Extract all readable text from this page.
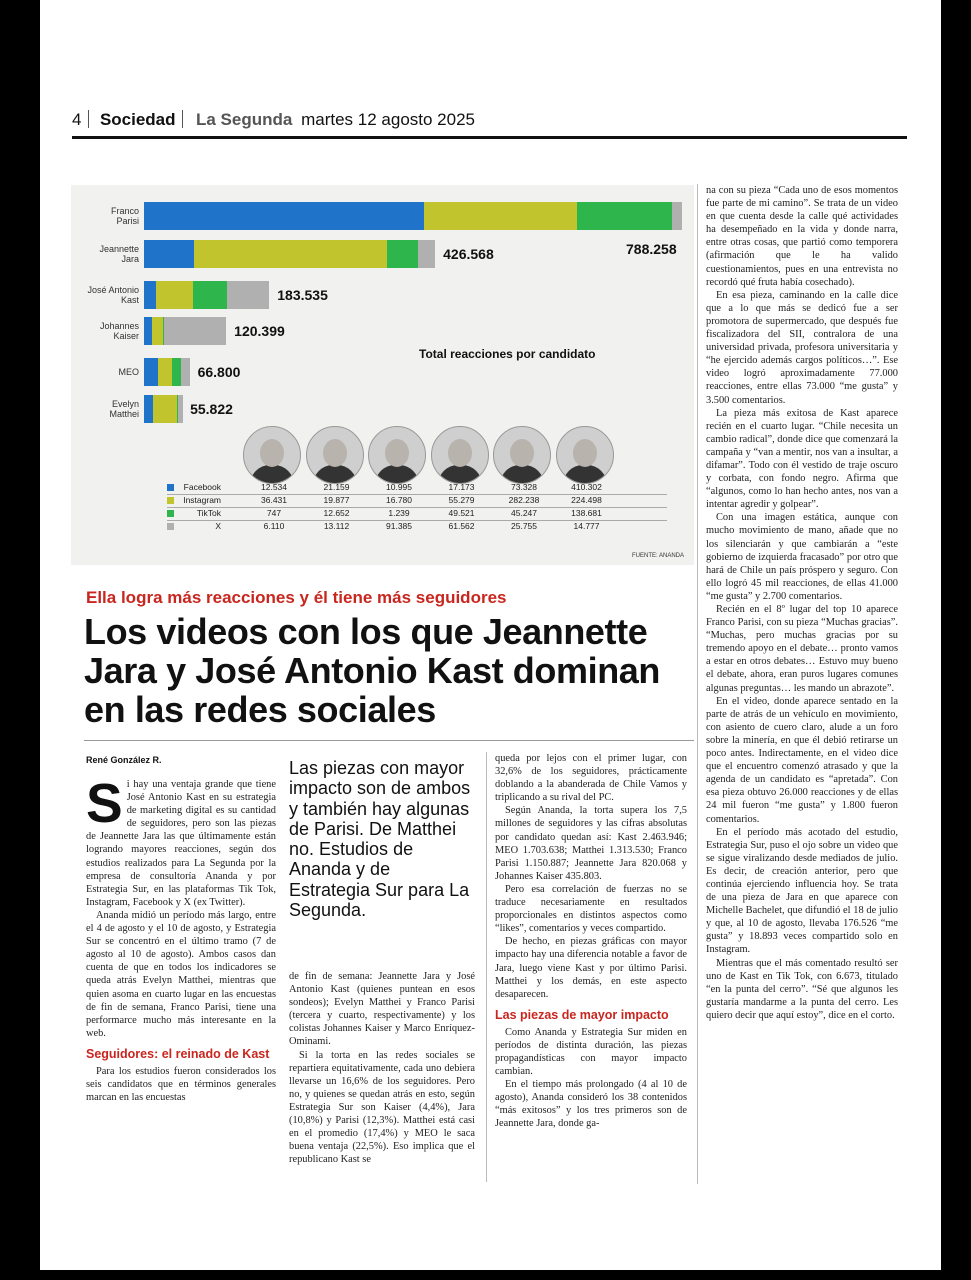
4 Sociedad La Segunda martes 12 agosto 2025
Franco
Parisi
788.258
Jeannette
Jara	426.568
José Antonio
Kast	183.535
Johannes
Kaiser	120.399
MEO	66.800
Evelyn
Matthei	55.822
Total reacciones por candidato
Facebook	12.534	21.159	10.995	17.173	73.328	410.302
Instagram	36.431	19.877	16.780	55.279	282.238	224.498
TikTok	747	12.652	1.239	49.521	45.247	138.681
X	6.110	13.112	91.385	61.562	25.755	14.777
FUENTE: ANANDA
Ella logra más reacciones y él tiene más seguidores
Los videos con los que Jeannette Jara y José Antonio Kast dominan en las redes sociales
René González R.
S i hay una ventaja grande que tiene José Antonio Kast en su estrategia de marketing digital es su cantidad de seguidores, pero son las piezas de Jeannette Jara las que últimamente están logrando mayores reacciones, según dos estudios realizados para La Segunda por la empresa de consultoría Ananda y por Estrategia Sur, en las plataformas Tik Tok, Instagram, Facebook y X (ex Twitter).

Ananda midió un período más largo, entre el 4 de agosto y el 10 de agosto, y Estrategia Sur se concentró en el último tramo (7 de agosto al 10 de agosto). Ambos casos dan cuenta de que en todos los indicadores se queda atrás Evelyn Matthei, mientras que quien asoma en cuarto lugar en las encuestas de fin de semana, Franco Parisi, tiene una performarce mucho más interesante en la web.

Seguidores: el reinado de Kast

Para los estudios fueron considerados los seis candidatos que en términos generales marcan en las encuestas

Las piezas con mayor impacto son de ambos y también hay algunas de Parisi. De Matthei no. Estudios de Ananda y de Estrategia Sur para La Segunda.

de fin de semana: Jeannette Jara y José Antonio Kast (quienes puntean en esos sondeos); Evelyn Matthei y Franco Parisi (tercera y cuarto, respectivamente) y los colistas Johannes Kaiser y Marco Enríquez-Ominami.

Si la torta en las redes sociales se repartiera equitativamente, cada uno debiera llevarse un 16,6% de los seguidores. Pero no, y quienes se quedan atrás en esto, según Estrategia Sur son Kaiser (4,4%), Jara (10,8%) y Parisi (12,3%). Matthei está casi en el promedio (17,4%) y MEO le saca buena ventaja (22,5%). Eso implica que el republicano Kast se

queda por lejos con el primer lugar, con 32,6% de los seguidores, prácticamente doblando a la abanderada de Chile Vamos y triplicando a su rival del PC.

Según Ananda, la torta supera los 7,5 millones de seguidores y las cifras absolutas por candidato quedan así: Kast 2.463.946; MEO 1.703.638; Matthei 1.313.530; Franco Parisi 1.150.887; Jeannette Jara 820.068 y Johannes Kaiser 435.803.

Pero esa correlación de fuerzas no se traduce necesariamente en resultados proporcionales en distintos aspectos como “likes”, comentarios y veces compartido.

De hecho, en piezas gráficas con mayor impacto hay una diferencia notable a favor de Jara, luego viene Kast y por último Parisi. Matthei y los demás, en este aspecto desaparecen.

Las piezas de mayor impacto

Como Ananda y Estrategia Sur miden en períodos de distinta duración, las piezas propagandísticas con mayor impacto cambian.

En el tiempo más prolongado (4 al 10 de agosto), Ananda consideró los 38 contenidos “más exitosos” y los tres primeros son de Jeannette Jara, donde ga-

na con su pieza “Cada uno de esos momentos fue parte de mi camino”. Se trata de un video en que cuenta desde la calle qué actividades ha desempeñado en la vida y donde narra, entre otras cosas, que partió como temporera (afirmación que le ha valido cuestionamientos, pues en una entrevista no recordó qué fruta había cosechado).

En esa pieza, caminando en la calle dice que a lo que más se dedicó fue a ser promotora de supermercado, que después fue fiscalizadora del SII, contralora de una universidad privada, profesora universitaria y “he ejercido además cargos políticos…”. Ese video logró aproximadamente 77.000 reacciones, entre ellas 73.000 “me gusta” y 3.500 comentarios.

La pieza más exitosa de Kast aparece recién en el cuarto lugar. “Chile necesita un cambio radical”, donde dice que comenzará la campaña y “van a mentir, nos van a insultar, a difamar”. Todo con él vestido de traje oscuro y corbata, con fondo negro. Afirma que “algunos, como lo han hecho antes, nos van a intentar agredir y golpear”.

Con una imagen estática, aunque con mucho movimiento de mano, añade que no los silenciarán y que cambiarán a “este gobierno de izquierda fracasado” por otro que hará de Chile un país próspero y seguro. Con ello logró 45 mil reacciones, de ellas 41.000 “me gusta” y 2.700 comentarios.

Recién en el 8º lugar del top 10 aparece Franco Parisi, con su pieza “Muchas gracias”. “Muchas, pero muchas gracias por su tremendo apoyo en el debate… pronto vamos a estar en otros debates… Estuvo muy bueno el debate, ahora, eran puros lugares comunes algunas preguntas… les mando un abrazote”.

En el video, donde aparece sentado en la parte de atrás de un vehículo en movimiento, con asiento de cuero claro, alude a un foro sobre la minería, en que él debió retirarse un poco antes. Indirectamente, en el video dice que el encuentro comenzó atrasado y que la agenda de un candidato es “apretada”. Con esa pieza obtuvo 26.000 reacciones y de ellas 24 mil fueron “me gusta” y 1.800 fueron comentarios.

En el período más acotado del estudio, Estrategia Sur, puso el ojo sobre un video que se sigue viralizando desde mediados de julio. Es decir, de creación anterior, pero que continúa ejerciendo influencia hoy. Se trata de una pieza de Jara en que aparece con Michelle Bachelet, que difundió el 18 de julio y que, al 10 de agosto, llevaba 176.526 “me gusta” y 18.893 veces compartido solo en Instagram.

Mientras que el más comentado resultó ser uno de Kast en Tik Tok, con 6.673, titulado “en la punta del cerro”. “Sé que algunos les gustaría mandarme a la punta del cerro. Les quiero decir que aquí estoy”, dice en el corto.
